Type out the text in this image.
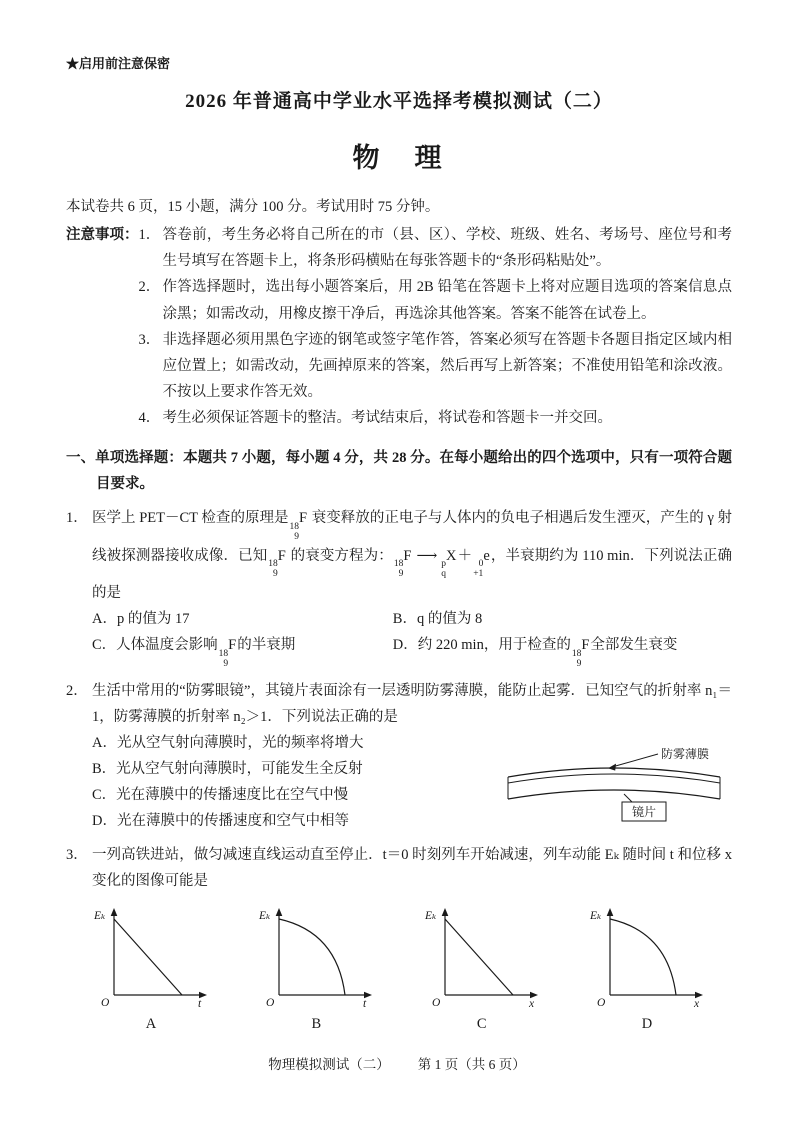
★启用前注意保密
2026 年普通高中学业水平选择考模拟测试（二）
物　理

本试卷共 6 页，15 小题，满分 100 分。考试用时 75 分钟。

注意事项： 1． 答卷前，考生务必将自己所在的市（县、区）、学校、班级、姓名、考场号、座位号和考生号填写在答题卡上，将条形码横贴在每张答题卡的“条形码粘贴处”。
2． 作答选择题时，选出每小题答案后，用 2B 铅笔在答题卡上将对应题目选项的答案信息点涂黑；如需改动，用橡皮擦干净后，再选涂其他答案。答案不能答在试卷上。
3． 非选择题必须用黑色字迹的钢笔或签字笔作答，答案必须写在答题卡各题目指定区域内相应位置上；如需改动，先画掉原来的答案，然后再写上新答案；不准使用铅笔和涂改液。不按以上要求作答无效。
4． 考生必须保证答题卡的整洁。考试结束后，将试卷和答题卡一并交回。
一、单项选择题：本题共 7 小题，每小题 4 分，共 28 分。在每小题给出的四个选项中，只有一项符合题目要求。
1． 医学上 PET－CT 检查的原理是
18
9
F 衰变释放的正电子与人体内的负电子相遇后发生湮灭，产生的 γ 射线被探测器接收成像．已知
18
9
F 的衰变方程为：
18
9
F ⟶
p
q
X＋
0
+1
e，半衰期约为 110 min．下列说法正确的是
A．p 的值为 17	B．q 的值为 8
C．人体温度会影响
18
9
F的半衰期	D．约 220 min，用于检查的
18
9
F全部发生衰变
2． 生活中常用的“防雾眼镜”，其镜片表面涂有一层透明防雾薄膜，能防止起雾．已知空气的折射率 n₁＝1，防雾薄膜的折射率 n₂＞1．下列说法正确的是
A．光从空气射向薄膜时，光的频率将增大
B．光从空气射向薄膜时，可能发生全反射
C．光在薄膜中的传播速度比在空气中慢
D．光在薄膜中的传播速度和空气中相等
防雾薄膜
镜片
3． 一列高铁进站，做匀减速直线运动直至停止．t＝0 时刻列车开始减速，列车动能 Eₖ 随时间 t 和位移 x 变化的图像可能是
Eₖ
O	t
A
Eₖ
O	t
B
Eₖ
O	x
C
Eₖ
O	x
D
物理模拟测试（二） 第 1 页（共 6 页）
